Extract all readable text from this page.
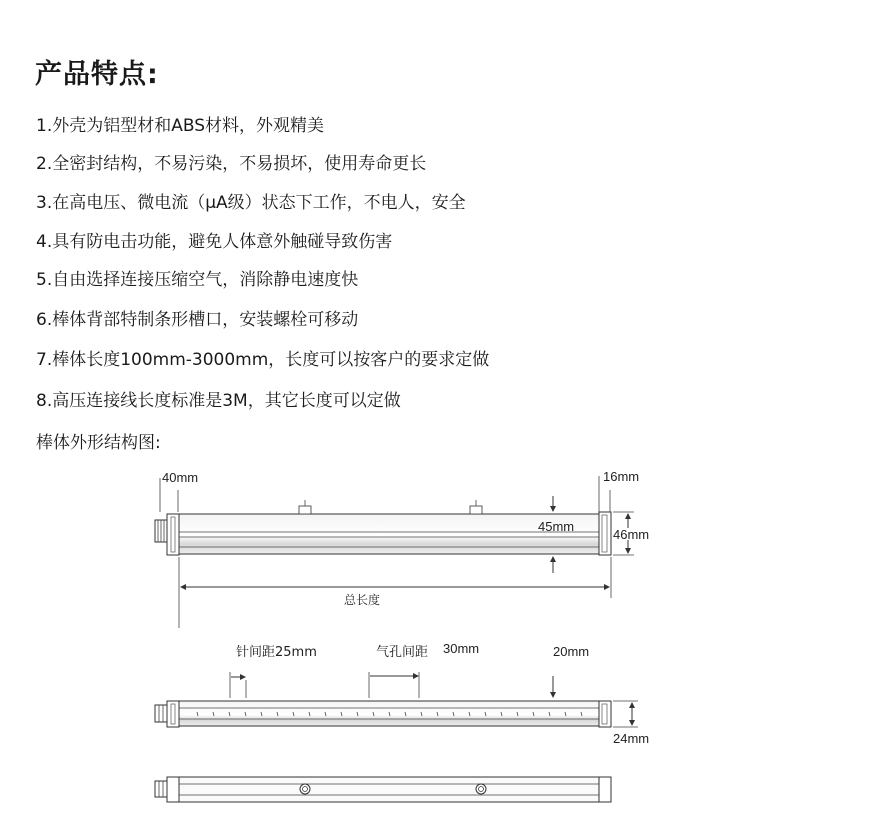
产品特点:
1.外壳为铝型材和ABS材料，外观精美
2.全密封结构，不易污染，不易损坏，使用寿命更长
3.在高电压、微电流（μA级）状态下工作，不电人，安全
4.具有防电击功能，避免人体意外触碰导致伤害
5.自由选择连接压缩空气，消除静电速度快
6.棒体背部特制条形槽口，安装螺栓可移动
7.棒体长度100mm-3000mm，长度可以按客户的要求定做
8.高压连接线长度标准是3M，其它长度可以定做
棒体外形结构图:
40mm	16mm
45mm
46mm
总长度
针间距25mm	气孔间距 30mm	20mm
24mm
